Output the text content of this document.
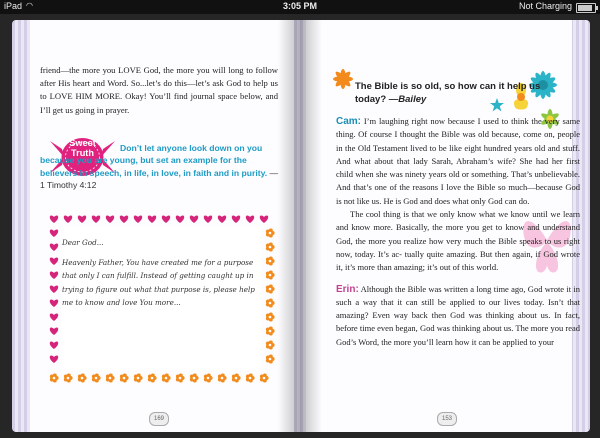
iPad ◠	3:05 PM	Not Charging
friend—the more you LOVE God, the more you will long to follow after His heart and Word. So...let’s do this—let’s ask God to help us to LOVE HIM MORE. Okay! You’ll find journal space below, and I’ll get us going in prayer.
Sweet
Truth	Don’t let anyone look down on you because you are young, but set an example for the believers in speech, in life, in love, in faith and in purity. —1 Timothy 4:12

Dear God...

Heavenly Father, You have created me for a purpose that only I can fulfill. Instead of getting caught up in trying to figure out what that purpose is, please help me to know and love You more...

169
The Bible is so old, so how can it help us today? —Bailey

Cam: I’m laughing right now because I used to think the very same thing. Of course I thought the Bible was old because, come on, people in the Old Testament lived to be like eight hundred years old and stuff. And what about that lady Sarah, Abraham’s wife? She had her first child when she was ninety years old or something. That’s unbelievable. And that’s one of the reasons I love the Bible so much—because God is not like us. He is God and does what only God can do.

The cool thing is that we only know what we know until we learn and know more. Basically, the more you get to know and understand God, the more you realize how very much the Bible speaks to us right now, today. It’s ac- tually quite amazing. But then again, if God wrote it, it’s more than amazing; it’s out of this world.

Erin: Although the Bible was written a long time ago, God wrote it in such a way that it can still be applied to our lives today. Isn’t that amazing? Even way back then God was thinking about us. In fact, before time even began, God was thinking about us. The more you read God’s Word, the more you’ll learn how it can be applied to your

153
